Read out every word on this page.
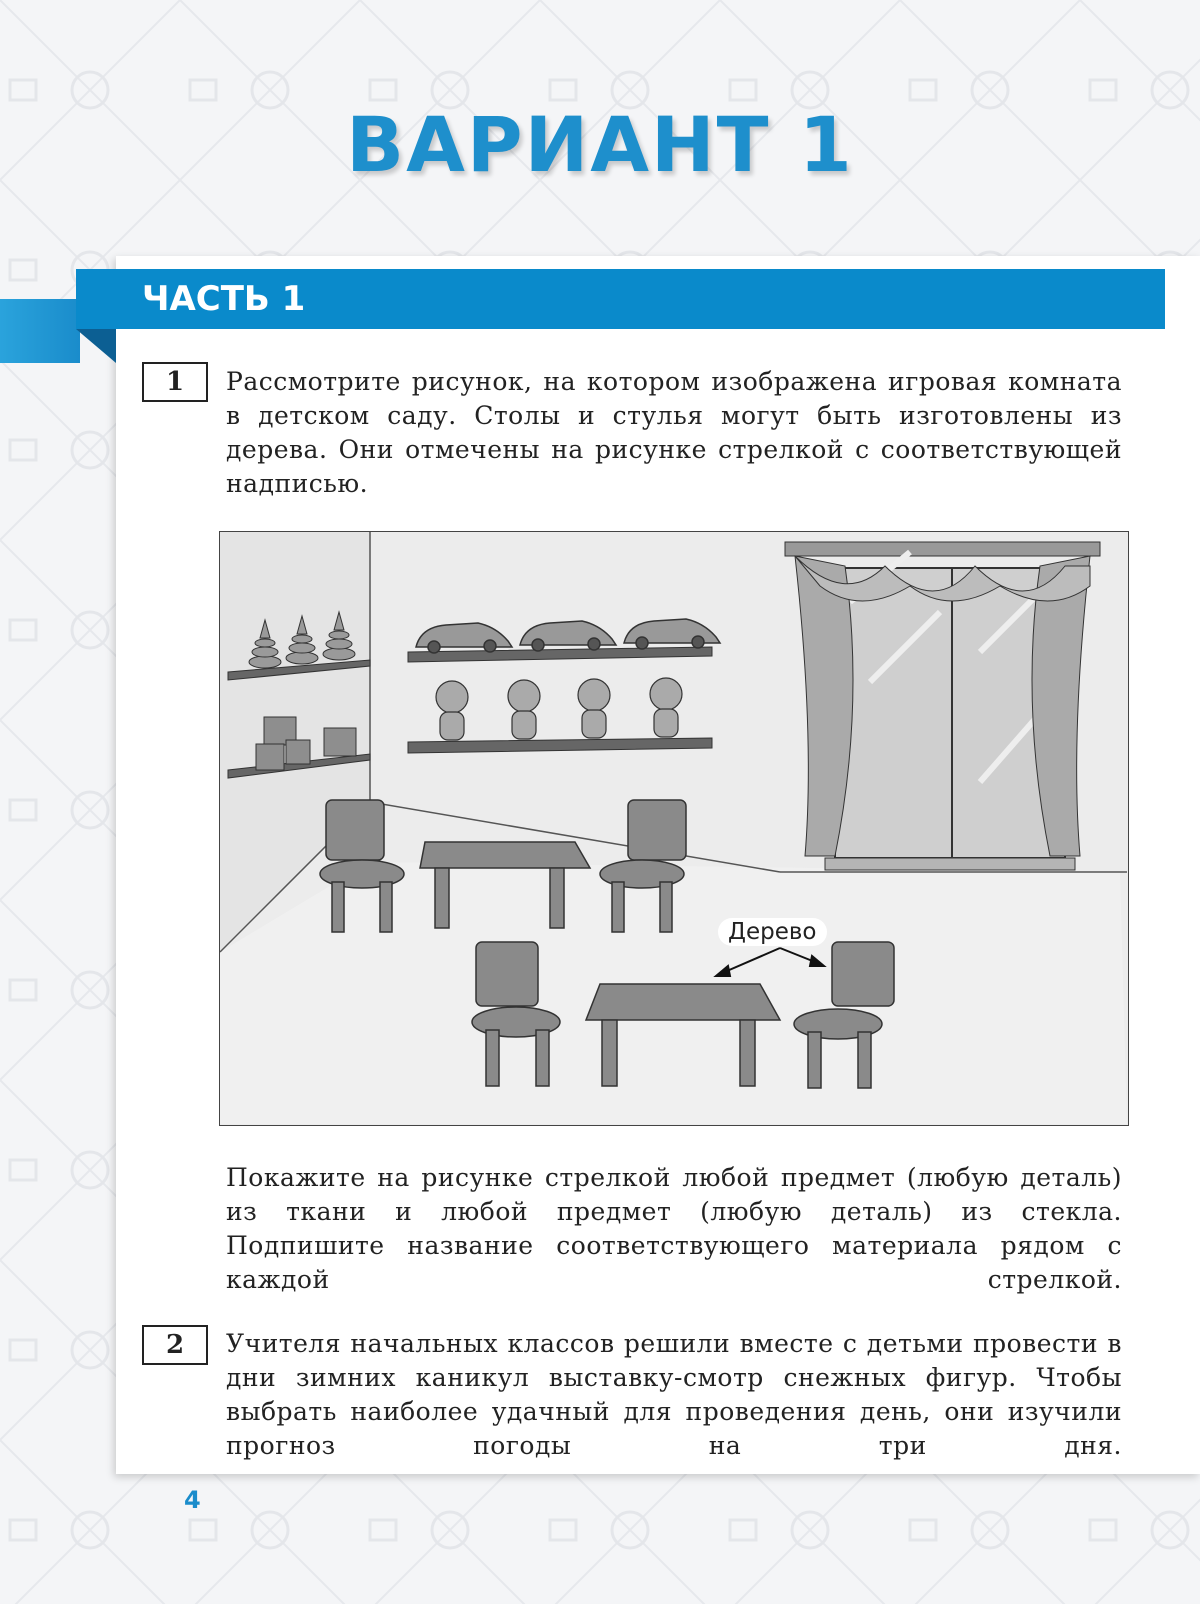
ВАРИАНТ 1
ЧАСТЬ 1
1	Рассмотрите рисунок, на котором изображена игровая комната в детском саду. Столы и стулья могут быть изготовлены из дерева. Они отмечены на рисунке стрелкой с соответствующей надписью.
Дерево
Покажите на рисунке стрелкой любой предмет (любую деталь) из ткани и любой предмет (любую деталь) из стекла. Подпишите название соответствующего материала рядом с каждой стрелкой.
2	Учителя начальных классов решили вместе с детьми провести в дни зимних каникул выставку-смотр снежных фигур. Чтобы выбрать наиболее удачный для проведения день, они изучили прогноз погоды на три дня.
4
